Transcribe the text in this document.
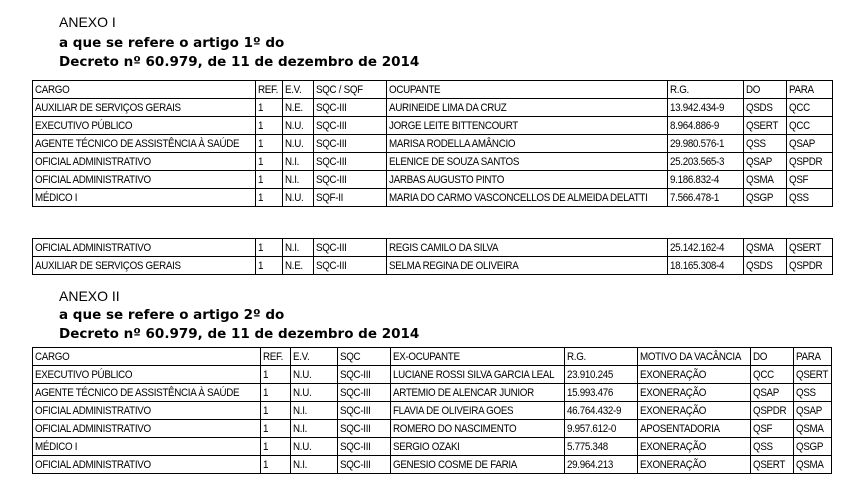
ANEXO I
a que se refere o artigo 1º do
Decreto nº 60.979, de 11 de dezembro de 2014
CARGO	REF.	E.V.	SQC / SQF	OCUPANTE	R.G.	DO	PARA
AUXILIAR DE SERVIÇOS GERAIS	1	N.E.	SQC-III	AURINEIDE LIMA DA CRUZ	13.942.434-9	QSDS	QCC
EXECUTIVO PÚBLICO	1	N.U.	SQC-III	JORGE LEITE BITTENCOURT	8.964.886-9	QSERT	QCC
AGENTE TÉCNICO DE ASSISTÊNCIA À SAÚDE	1	N.U.	SQC-III	MARISA RODELLA AMÂNCIO	29.980.576-1	QSS	QSAP
OFICIAL ADMINISTRATIVO	1	N.I.	SQC-III	ELENICE DE SOUZA SANTOS	25.203.565-3	QSAP	QSPDR
OFICIAL ADMINISTRATIVO	1	N.I.	SQC-III	JARBAS AUGUSTO PINTO	9.186.832-4	QSMA	QSF
MÉDICO I	1	N.U.	SQF-II	MARIA DO CARMO VASCONCELLOS DE ALMEIDA DELATTI	7.566.478-1	QSGP	QSS
OFICIAL ADMINISTRATIVO	1	N.I.	SQC-III	REGIS CAMILO DA SILVA	25.142.162-4	QSMA	QSERT
AUXILIAR DE SERVIÇOS GERAIS	1	N.E.	SQC-III	SELMA REGINA DE OLIVEIRA	18.165.308-4	QSDS	QSPDR
ANEXO II
a que se refere o artigo 2º do
Decreto nº 60.979, de 11 de dezembro de 2014
CARGO	REF.	E.V.	SQC	EX-OCUPANTE	R.G.	MOTIVO DA VACÂNCIA	DO	PARA
EXECUTIVO PÚBLICO	1	N.U.	SQC-III	LUCIANE ROSSI SILVA GARCIA LEAL	23.910.245	EXONERAÇÃO	QCC	QSERT
AGENTE TÉCNICO DE ASSISTÊNCIA À SAÚDE	1	N.U.	SQC-III	ARTEMIO DE ALENCAR JUNIOR	15.993.476	EXONERAÇÃO	QSAP	QSS
OFICIAL ADMINISTRATIVO	1	N.I.	SQC-III	FLAVIA DE OLIVEIRA GOES	46.764.432-9	EXONERAÇÃO	QSPDR	QSAP
OFICIAL ADMINISTRATIVO	1	N.I.	SQC-III	ROMERO DO NASCIMENTO	9.957.612-0	APOSENTADORIA	QSF	QSMA
MÉDICO I	1	N.U.	SQC-III	SERGIO OZAKI	5.775.348	EXONERAÇÃO	QSS	QSGP
OFICIAL ADMINISTRATIVO	1	N.I.	SQC-III	GENESIO COSME DE FARIA	29.964.213	EXONERAÇÃO	QSERT	QSMA
